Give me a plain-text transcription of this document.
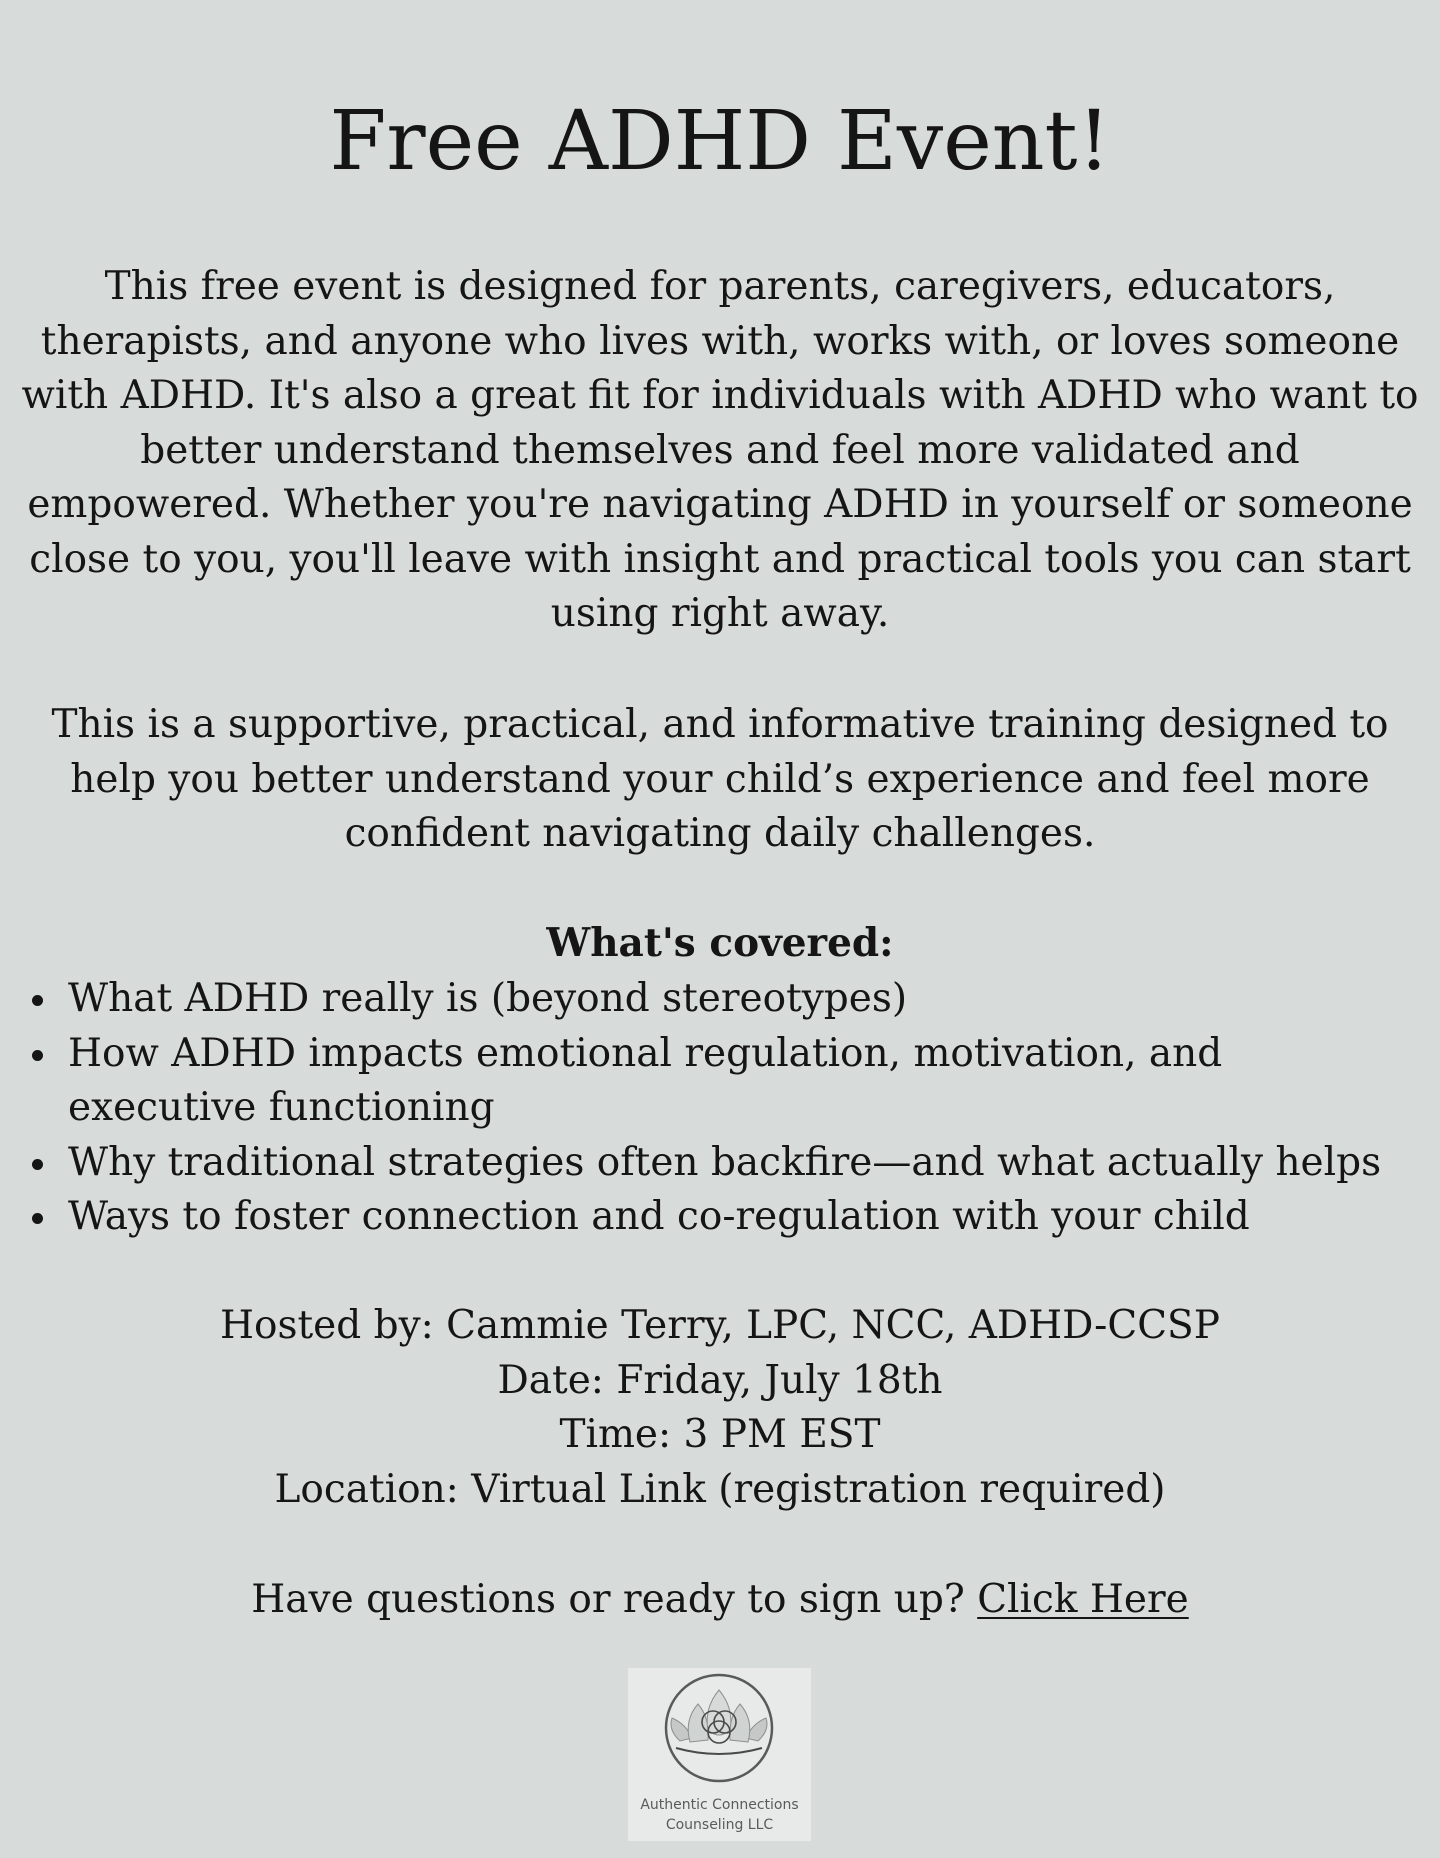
Free ADHD Event!
This free event is designed for parents, caregivers, educators,
therapists, and anyone who lives with, works with, or loves someone
with ADHD. It's also a great fit for individuals with ADHD who want to
better understand themselves and feel more validated and
empowered. Whether you're navigating ADHD in yourself or someone
close to you, you'll leave with insight and practical tools you can start
using right away.
This is a supportive, practical, and informative training designed to
help you better understand your child’s experience and feel more
confident navigating daily challenges.
What's covered:
What ADHD really is (beyond stereotypes)
How ADHD impacts emotional regulation, motivation, and executive functioning
Why traditional strategies often backfire—and what actually helps
Ways to foster connection and co-regulation with your child
Hosted by: Cammie Terry, LPC, NCC, ADHD-CCSP
Date: Friday, July 18th
Time: 3 PM EST
Location: Virtual Link (registration required)
Have questions or ready to sign up? Click Here
Authentic Connections
Counseling LLC
